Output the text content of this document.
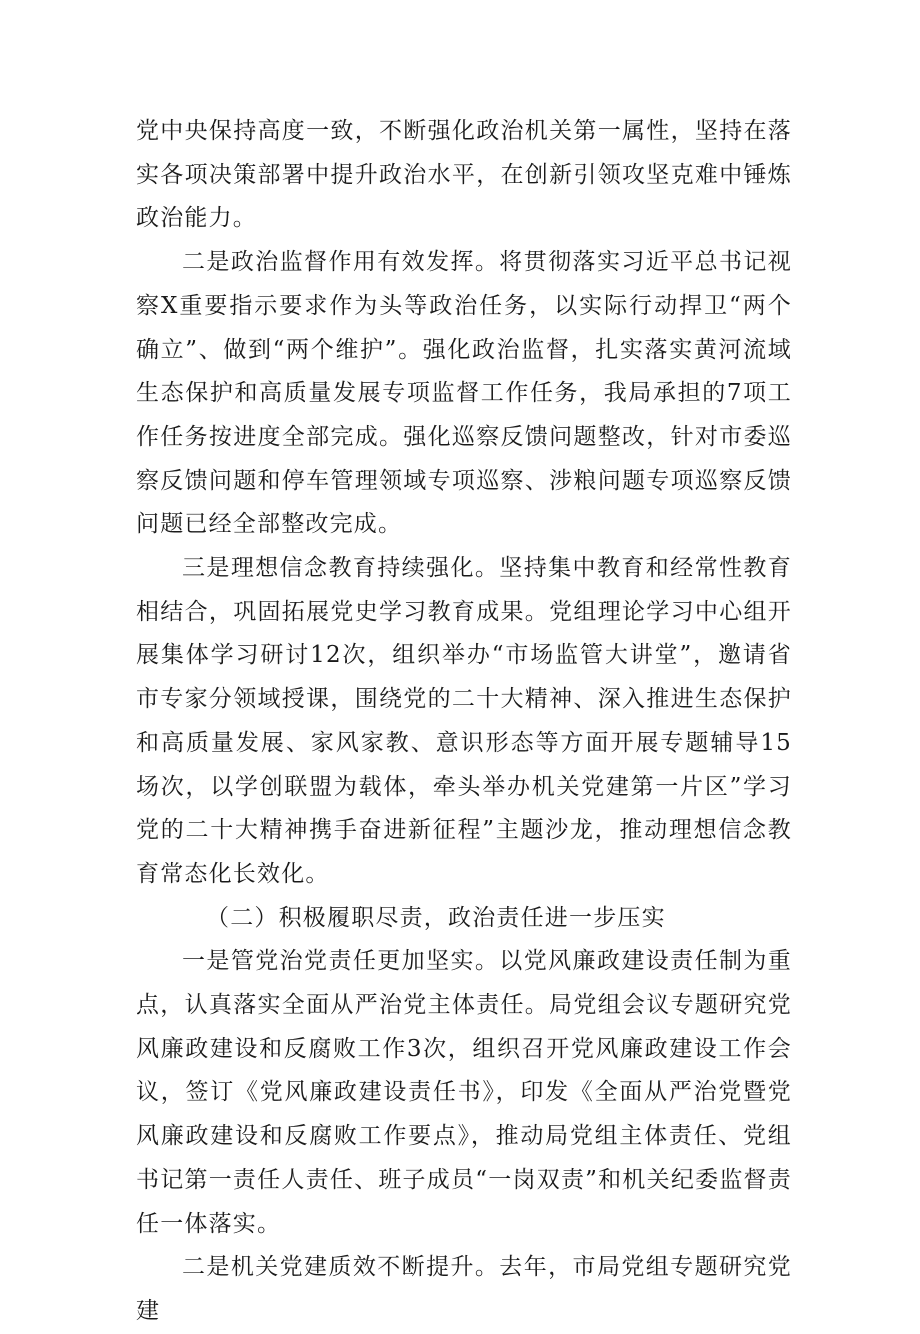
党中央保持高度一致，不断强化政治机关第一属性，坚持在落实各项决策部署中提升政治水平，在创新引领攻坚克难中锤炼政治能力。

二是政治监督作用有效发挥。将贯彻落实习近平总书记视察X重要指示要求作为头等政治任务，以实际行动捍卫“两个确立”、做到“两个维护”。强化政治监督，扎实落实黄河流域生态保护和高质量发展专项监督工作任务，我局承担的7项工作任务按进度全部完成。强化巡察反馈问题整改，针对市委巡察反馈问题和停车管理领域专项巡察、涉粮问题专项巡察反馈问题已经全部整改完成。

三是理想信念教育持续强化。坚持集中教育和经常性教育相结合，巩固拓展党史学习教育成果。党组理论学习中心组开展集体学习研讨12次，组织举办“市场监管大讲堂”，邀请省市专家分领域授课，围绕党的二十大精神、深入推进生态保护和高质量发展、家风家教、意识形态等方面开展专题辅导15场次，以学创联盟为载体，牵头举办机关党建第一片区”学习党的二十大精神携手奋进新征程”主题沙龙，推动理想信念教育常态化长效化。

（二）积极履职尽责，政治责任进一步压实

一是管党治党责任更加坚实。以党风廉政建设责任制为重点，认真落实全面从严治党主体责任。局党组会议专题研究党风廉政建设和反腐败工作3次，组织召开党风廉政建设工作会议，签订《党风廉政建设责任书》，印发《全面从严治党暨党风廉政建设和反腐败工作要点》，推动局党组主体责任、党组书记第一责任人责任、班子成员“一岗双责”和机关纪委监督责任一体落实。

二是机关党建质效不断提升。去年，市局党组专题研究党建
